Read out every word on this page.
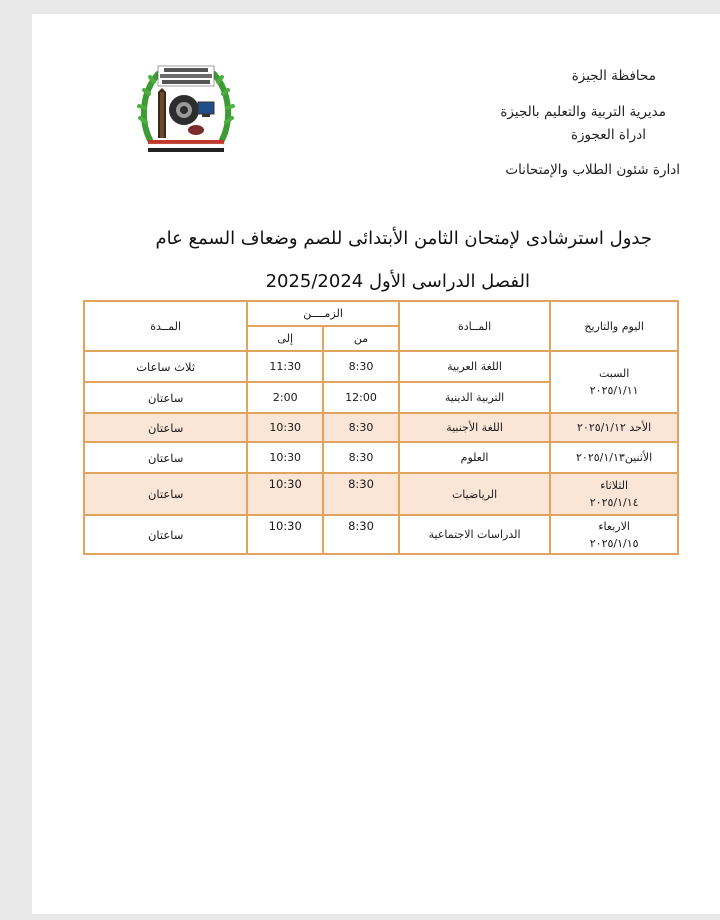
محافظة الجيزة
مديرية التربية والتعليم بالجيزة
ادراة العجوزة
ادارة شئون الطلاب والإمتحانات
جدول استرشادى لإمتحان الثامن الأبتدائى للصم وضعاف السمع عام
الفصل الدراسى الأول 2025/2024
اليوم والتاريخ	المــادة	الزمــــن		المــدة
		من	إلى	

السبت
٢٠٢٥/١/١١	اللغة العربية	8:30	11:30	ثلاث ساعات
	التربية الدينية	12:00	2:00	ساعتان
الأحد ٢٠٢٥/١/١٢	اللغة الأجنبية	8:30	10:30	ساعتان
الأثنين٢٠٢٥/١/١٣	العلوم	8:30	10:30	ساعتان

الثلاثاء
٢٠٢٥/١/١٤	الرياضيات	8:30	10:30	ساعتان

الاربعاء
٢٠٢٥/١/١٥	الدراسات الاجتماعية	8:30	10:30	ساعتان
